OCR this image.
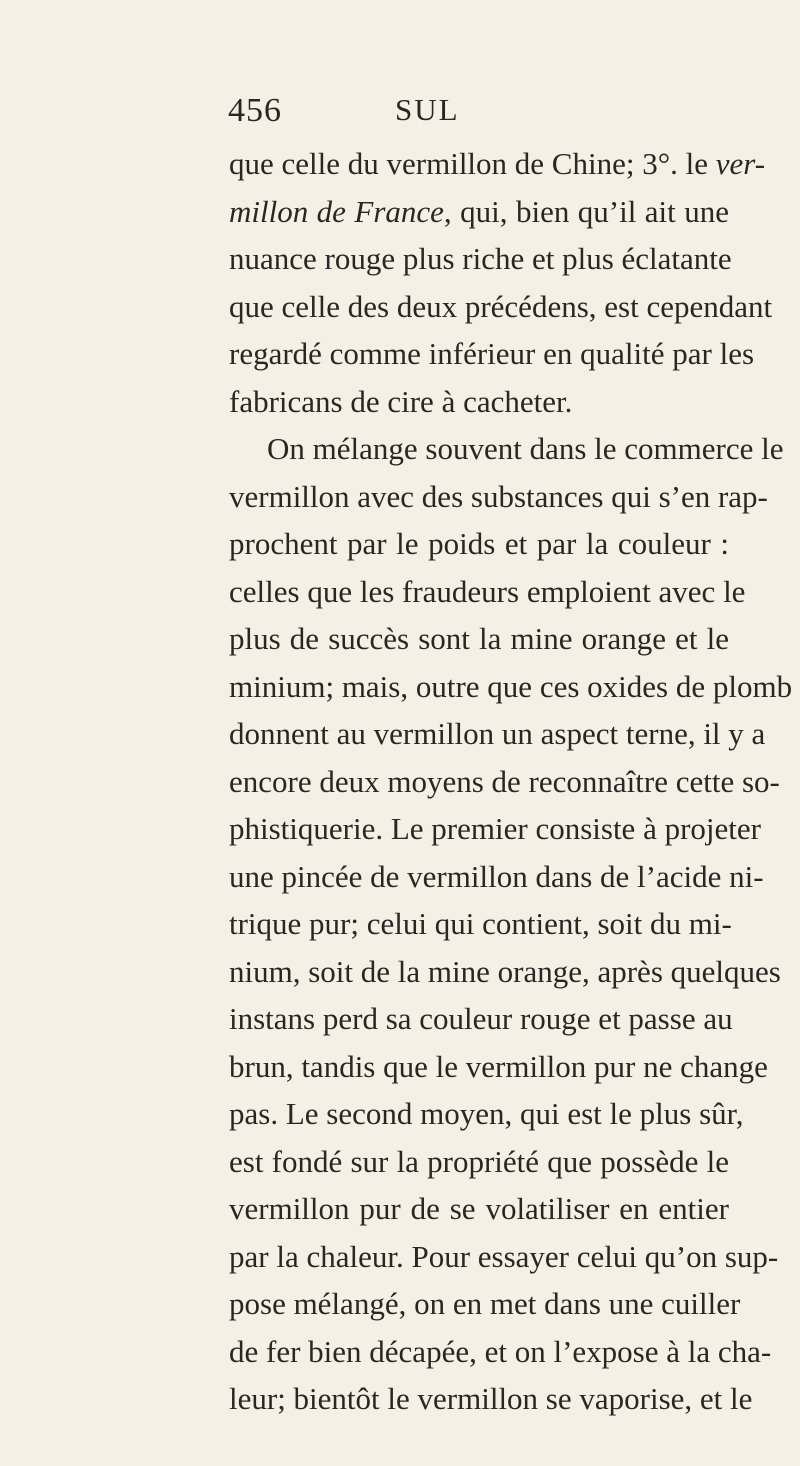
456	SUL
que celle du vermillon de Chine; 3°. le ver-
millon de France, qui, bien qu’il ait une
nuance rouge plus riche et plus éclatante
que celle des deux précédens, est cependant
regardé comme inférieur en qualité par les
fabricans de cire à cacheter.
On mélange souvent dans le commerce le
vermillon avec des substances qui s’en rap-
prochent par le poids et par la couleur :
celles que les fraudeurs emploient avec le
plus de succès sont la mine orange et le
minium; mais, outre que ces oxides de plomb
donnent au vermillon un aspect terne, il y a
encore deux moyens de reconnaître cette so-
phistiquerie. Le premier consiste à projeter
une pincée de vermillon dans de l’acide ni-
trique pur; celui qui contient, soit du mi-
nium, soit de la mine orange, après quelques
instans perd sa couleur rouge et passe au
brun, tandis que le vermillon pur ne change
pas. Le second moyen, qui est le plus sûr,
est fondé sur la propriété que possède le
vermillon pur de se volatiliser en entier
par la chaleur. Pour essayer celui qu’on sup-
pose mélangé, on en met dans une cuiller
de fer bien décapée, et on l’expose à la cha-
leur; bientôt le vermillon se vaporise, et le
